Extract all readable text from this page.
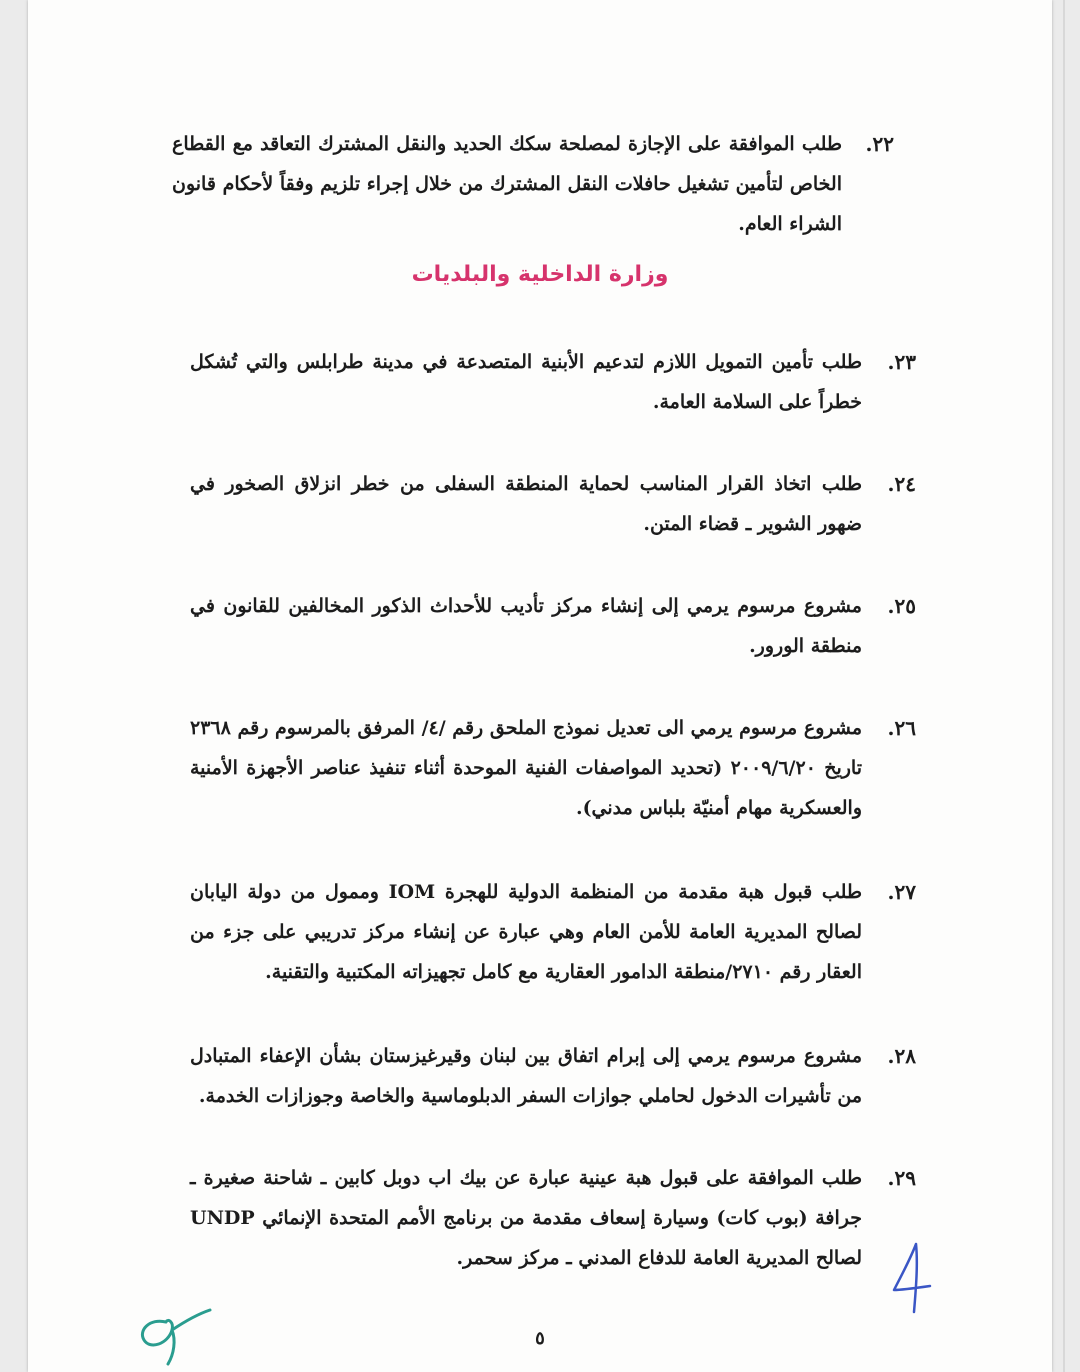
٢٢.
طلب الموافقة على الإجازة لمصلحة سكك الحديد والنقل المشترك التعاقد مع القطاع الخاص لتأمين تشغيل حافلات النقل المشترك من خلال إجراء تلزيم وفقاً لأحكام قانون الشراء العام.
وزارة الداخلية والبلديات
٢٣.
طلب تأمين التمويل اللازم لتدعيم الأبنية المتصدعة في مدينة طرابلس والتي تُشكل خطراً على السلامة العامة.
٢٤.
طلب اتخاذ القرار المناسب لحماية المنطقة السفلى من خطر انزلاق الصخور في ضهور الشوير ـ قضاء المتن.
٢٥.
مشروع مرسوم يرمي إلى إنشاء مركز تأديب للأحداث الذكور المخالفين للقانون في منطقة الورور.
٢٦.
مشروع مرسوم يرمي الى تعديل نموذج الملحق رقم /٤/ المرفق بالمرسوم رقم ٢٣٦٨ تاريخ ٢٠٠٩/٦/٢٠ (تحديد المواصفات الفنية الموحدة أثناء تنفيذ عناصر الأجهزة الأمنية والعسكرية مهام أمنيّة بلباس مدني).
٢٧.
طلب قبول هبة مقدمة من المنظمة الدولية للهجرة IOM وممول من دولة اليابان لصالح المديرية العامة للأمن العام وهي عبارة عن إنشاء مركز تدريبي على جزء من العقار رقم ٢٧١٠/منطقة الدامور العقارية مع كامل تجهيزاته المكتبية والتقنية.
٢٨.
مشروع مرسوم يرمي إلى إبرام اتفاق بين لبنان وقيرغيزستان بشأن الإعفاء المتبادل من تأشيرات الدخول لحاملي جوازات السفر الدبلوماسية والخاصة وجوزازات الخدمة.
٢٩.
طلب الموافقة على قبول هبة عينية عبارة عن بيك اب دوبل كابين ـ شاحنة صغيرة ـ جرافة (بوب كات) وسيارة إسعاف مقدمة من برنامج الأمم المتحدة الإنمائي UNDP لصالح المديرية العامة للدفاع المدني ـ مركز سحمر.
٥
